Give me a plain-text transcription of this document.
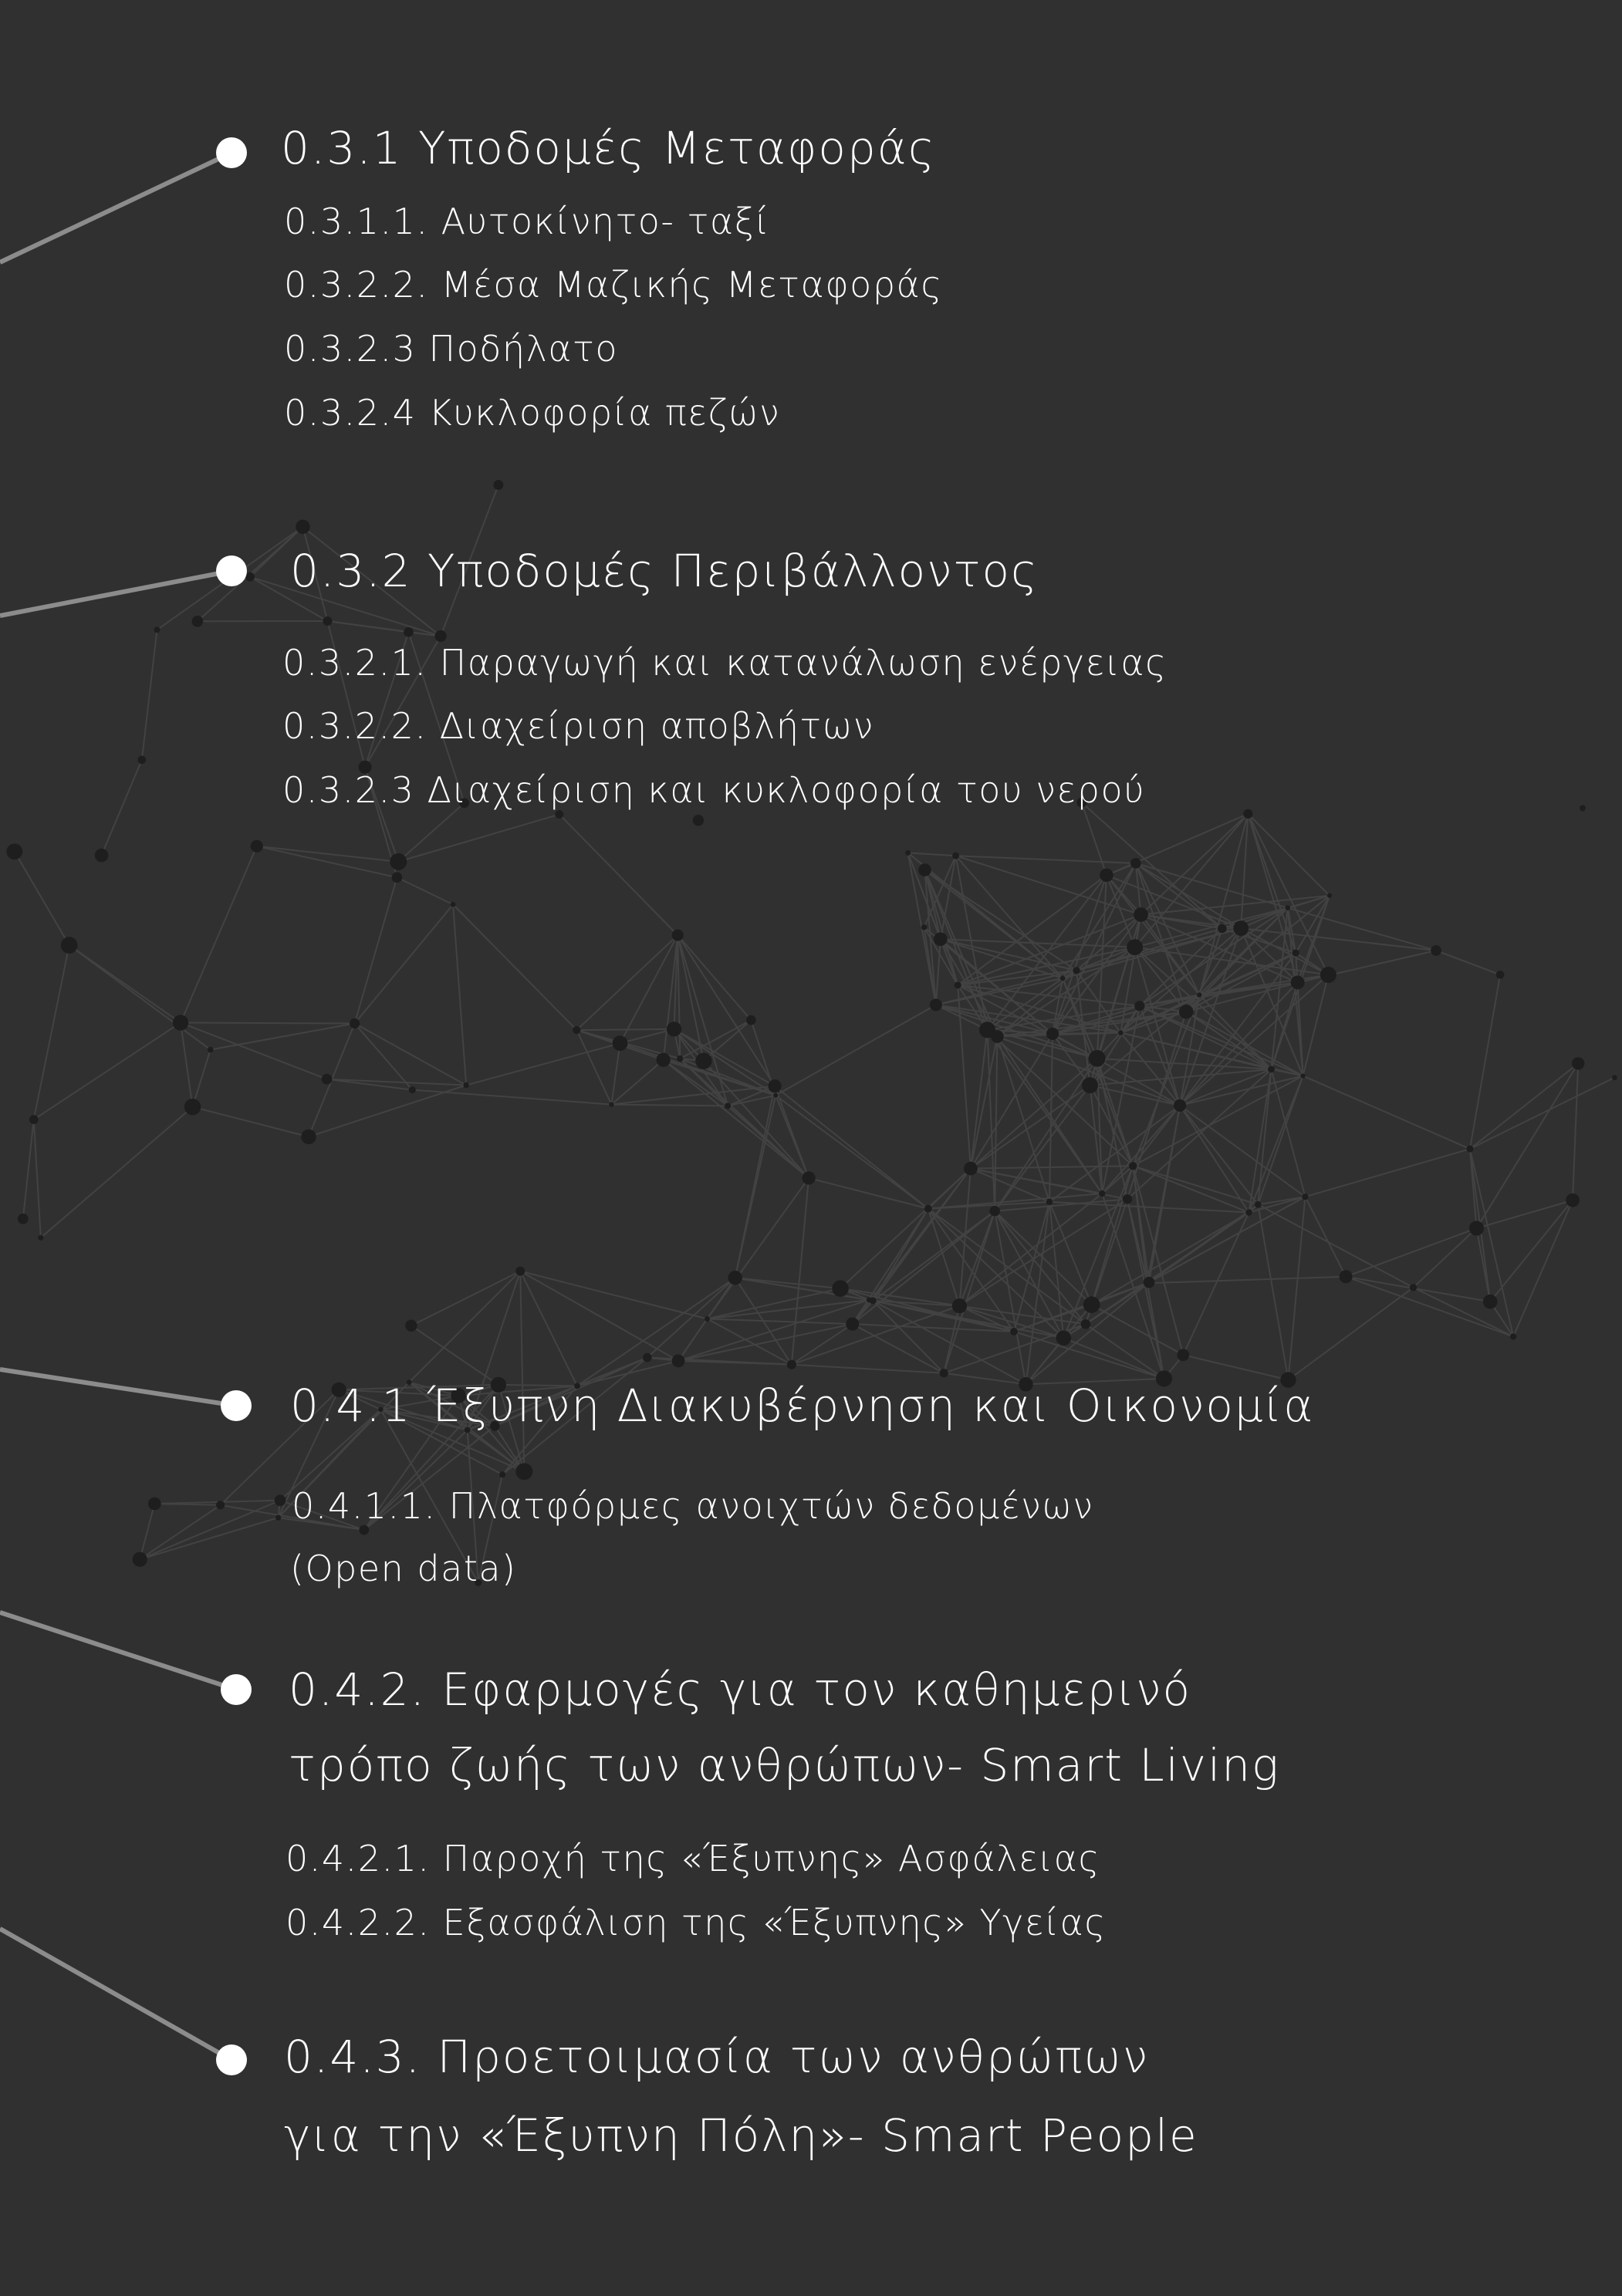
0.3.1 Υποδομές Μεταφοράς
0.3.1.1. Αυτοκίνητο- ταξί
0.3.2.2. Μέσα Μαζικής Μεταφοράς
0.3.2.3 Ποδήλατο
0.3.2.4 Κυκλοφορία πεζών
0.3.2 Υποδομές Περιβάλλοντος
0.3.2.1. Παραγωγή και κατανάλωση ενέργειας
0.3.2.2. Διαχείριση αποβλήτων
0.3.2.3 Διαχείριση και κυκλοφορία του νερού
0.4.1 Έξυπνη Διακυβέρνηση και Οικονομία
0.4.1.1. Πλατφόρμες ανοιχτών δεδομένων
(Open data)
0.4.2. Εφαρμογές για τον καθημερινό
τρόπο ζωής των ανθρώπων- Smart Living
0.4.2.1. Παροχή της «Έξυπνης» Ασφάλειας
0.4.2.2. Εξασφάλιση της «Έξυπνης» Υγείας
0.4.3. Προετοιμασία των ανθρώπων
για την «Έξυπνη Πόλη»- Smart People
